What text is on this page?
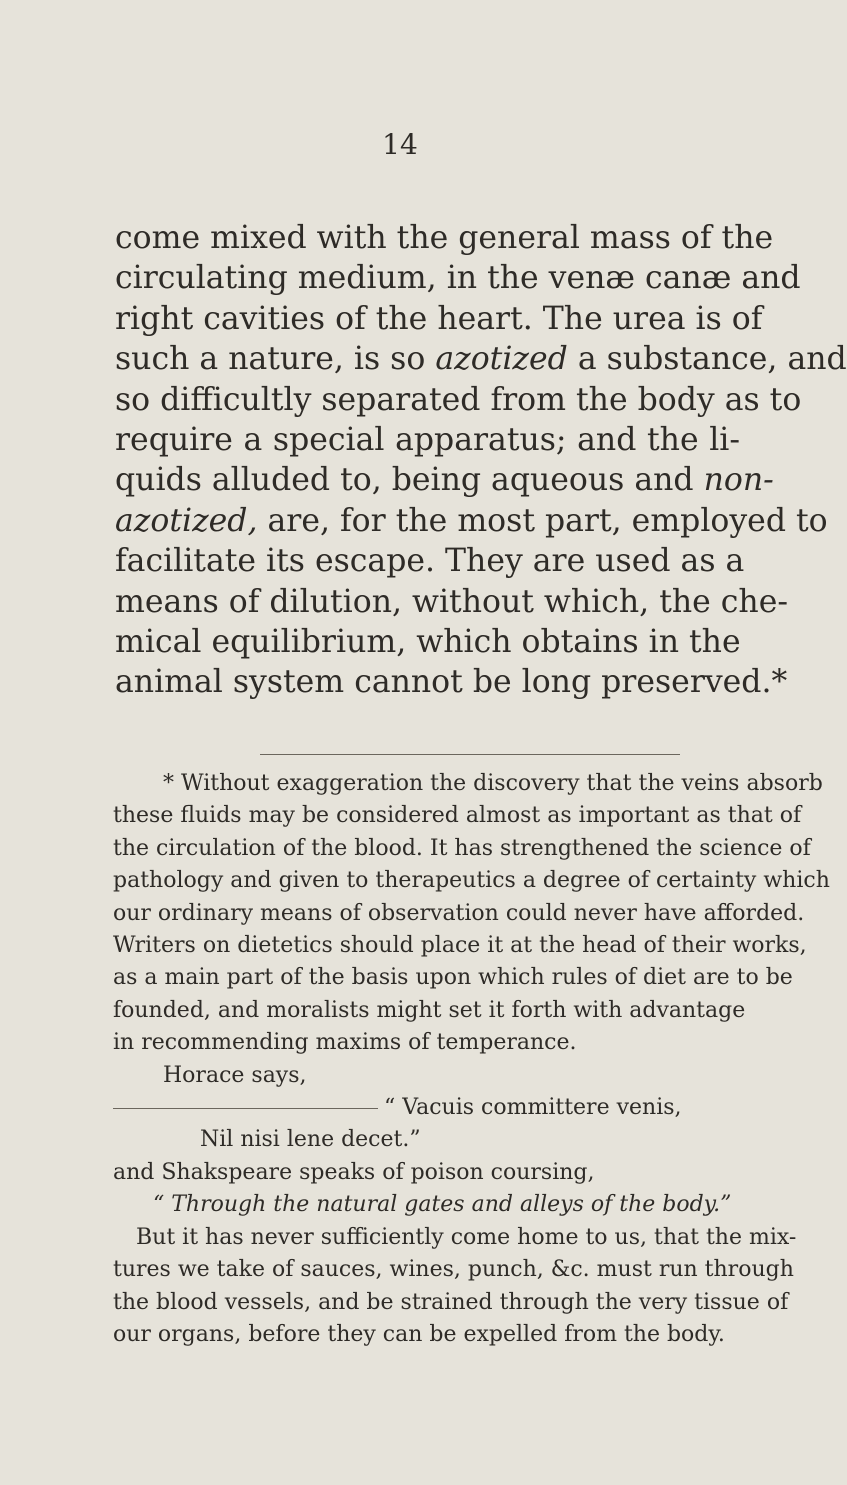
14
come mixed with the general mass of the
circulating medium, in the venæ canæ and
right cavities of the heart. The urea is of
such a nature, is so azotized a substance, and
so difficultly separated from the body as to
require a special apparatus; and the li-
quids alluded to, being aqueous and non-
azotized, are, for the most part, employed to
facilitate its escape. They are used as a
means of dilution, without which, the che-
mical equilibrium, which obtains in the
animal system cannot be long preserved.*
* Without exaggeration the discovery that the veins absorb
these fluids may be considered almost as important as that of
the circulation of the blood. It has strengthened the science of
pathology and given to therapeutics a degree of certainty which
our ordinary means of observation could never have afforded.
Writers on dietetics should place it at the head of their works,
as a main part of the basis upon which rules of diet are to be
founded, and moralists might set it forth with advantage
in recommending maxims of temperance.
Horace says,
“ Vacuis committere venis,
Nil nisi lene decet.”
and Shakspeare speaks of poison coursing,
“ Through the natural gates and alleys of the body.”
But it has never sufficiently come home to us, that the mix-
tures we take of sauces, wines, punch, &c. must run through
the blood vessels, and be strained through the very tissue of
our organs, before they can be expelled from the body.
